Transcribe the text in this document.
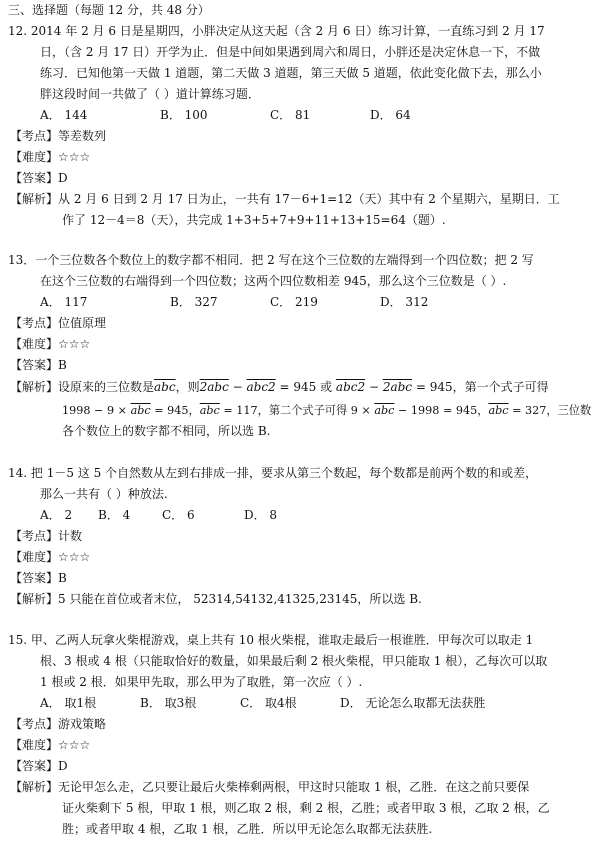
三、选择题（每题 12 分，共 48 分）
12. 2014 年 2 月 6 日是星期四，小胖决定从这天起（含 2 月 6 日）练习计算，一直练习到 2 月 17
日，（含 2 月 17 日）开学为止．但是中间如果遇到周六和周日，小胖还是决定休息一下，不做
练习．已知他第一天做 1 道题，第二天做 3 道题，第三天做 5 道题，依此变化做下去，那么小
胖这段时间一共做了（ ）道计算练习题．
A． 144	B． 100	C． 81	D． 64
【考点】等差数列
【难度】☆☆☆
【答案】D
【解析】从 2 月 6 日到 2 月 17 日为止，一共有 17－6+1=12（天）其中有 2 个星期六，星期日．工
作了 12－4＝8（天），共完成 1+3+5+7+9+11+13+15=64（题）.
13．一个三位数各个数位上的数字都不相同．把 2 写在这个三位数的左端得到一个四位数；把 2 写
在这个三位数的右端得到一个四位数；这两个四位数相差 945，那么这个三位数是（ ）.
A． 117	B． 327	C． 219	D． 312
【考点】位值原理
【难度】☆☆☆
【答案】B
【解析】设原来的三位数是$\overline{abc}$，则2abc − abc2 = 945 或 abc2 − 2abc = 945，第一个式子可得
$1998 - 9 \times \overline{abc} = 945$，$\overline{abc} = 117$，第二个式子可得 $9 \times \overline{abc} - 1998 = 945$，$\overline{abc} = 327$，三位数
各个数位上的数字都不相同，所以选 B.
14. 把 1－5 这 5 个自然数从左到右排成一排，要求从第三个数起，每个数都是前两个数的和或差，
那么一共有（ ）种放法.
A． 2 B． 4	C． 6	D． 8
【考点】计数
【难度】☆☆☆
【答案】B
【解析】5 只能在首位或者末位， 52314,54132,41325,23145，所以选 B.
15. 甲、乙两人玩拿火柴棍游戏，桌上共有 10 根火柴棍，谁取走最后一根谁胜．甲每次可以取走 1
根、3 根或 4 根（只能取恰好的数量，如果最后剩 2 根火柴棍，甲只能取 1 根），乙每次可以取
1 根或 2 根．如果甲先取，那么甲为了取胜，第一次应（ ）.
A． 取1根	B． 取3根	C． 取4根	D． 无论怎么取都无法获胜
【考点】游戏策略
【难度】☆☆☆
【答案】D
【解析】无论甲怎么走，乙只要让最后火柴棒剩两根，甲这时只能取 1 根，乙胜．在这之前只要保
证火柴剩下 5 根，甲取 1 根，则乙取 2 根，剩 2 根，乙胜；或者甲取 3 根，乙取 2 根，乙
胜；或者甲取 4 根，乙取 1 根，乙胜．所以甲无论怎么取都无法获胜.
